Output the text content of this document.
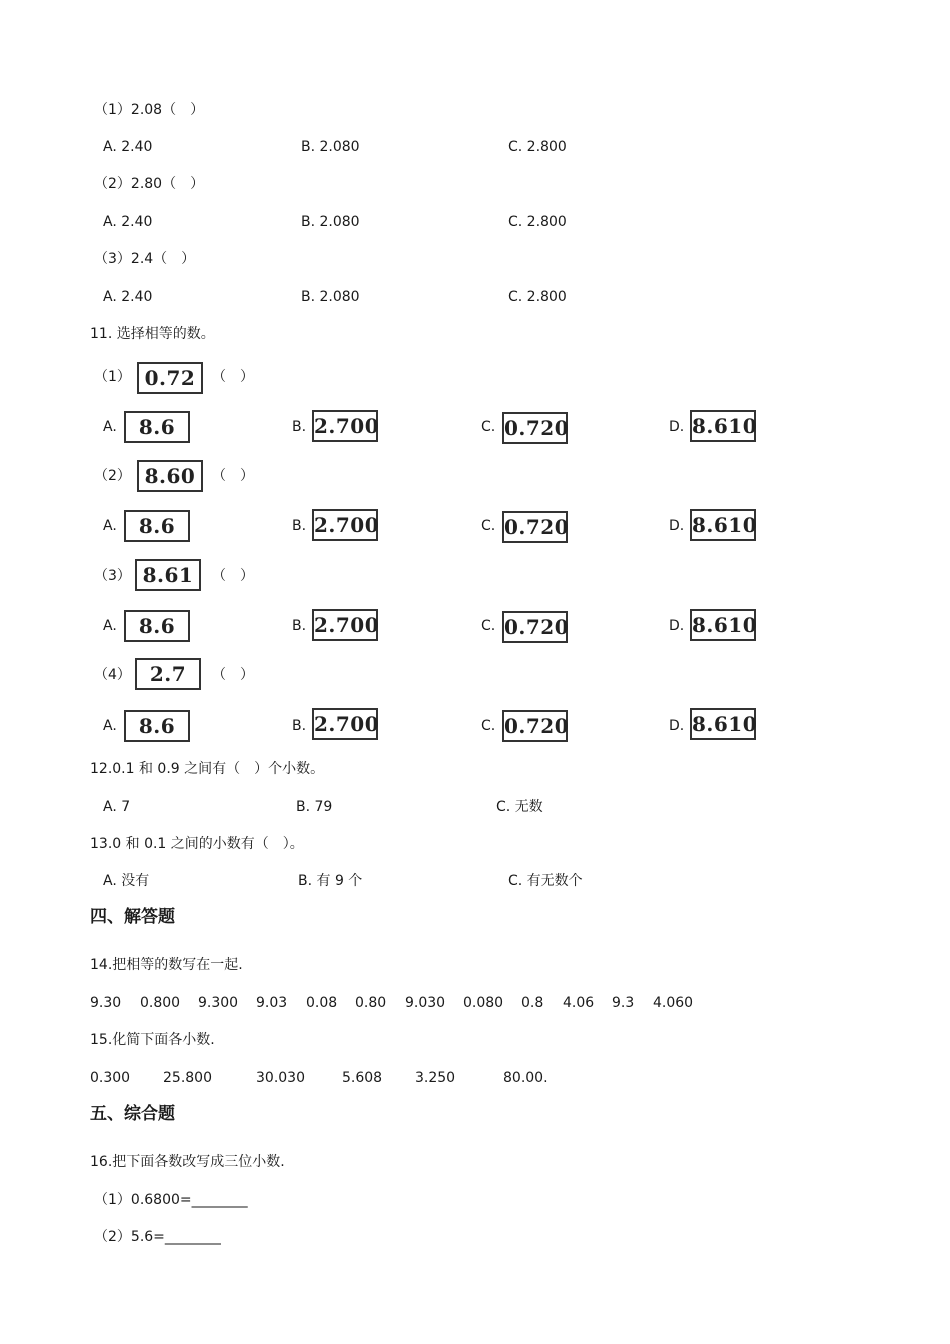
（1）2.08（　）
A. 2.40	B. 2.080	C. 2.800
（2）2.80（　）
A. 2.40	B. 2.080	C. 2.800
（3）2.4（　）
A. 2.40	B. 2.080	C. 2.800
11. 选择相等的数。
（1） 0.72	（　）
A.	8.6	B. 2.700	C. 0.720	D. 8.610
（2） 8.60	（　）
A.	8.6	B. 2.700	C. 0.720	D. 8.610
（3） 8.61	（　）
A.	8.6	B. 2.700	C. 0.720	D. 8.610
（4） 2.7	（　）
A.	8.6	B. 2.700	C. 0.720	D. 8.610
12.0.1 和 0.9 之间有（　）个小数。
A. 7	B. 79	C. 无数
13.0 和 0.1 之间的小数有（　）。
A. 没有	B. 有 9 个	C. 有无数个
四、解答题
14.把相等的数写在一起.
9.30 0.800 9.300 9.03 0.08 0.80 9.030 0.080 0.8 4.06 9.3 4.060
15.化简下面各小数.
0.300 25.800	30.030	5.608 3.250	80.00.
五、综合题
16.把下面各数改写成三位小数.
（1）0.6800=________
（2）5.6=________
